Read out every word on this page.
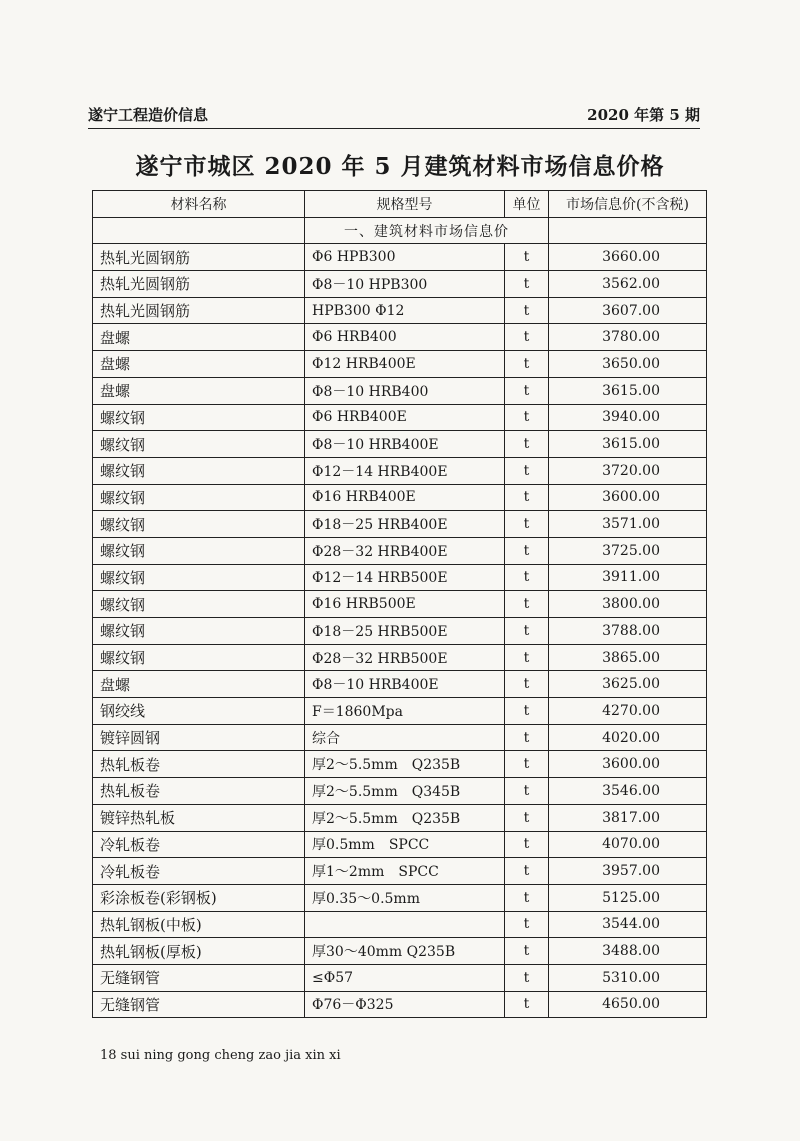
遂宁工程造价信息	2020 年第 5 期
遂宁市城区 2020 年 5 月建筑材料市场信息价格
材料名称	规格型号	单位	市场信息价(不含税)
	一、建筑材料市场信息价		
热轧光圆钢筋	Φ6 HPB300	t	3660.00
热轧光圆钢筋	Φ8－10 HPB300	t	3562.00
热轧光圆钢筋	HPB300 Φ12	t	3607.00
盘螺	Φ6 HRB400	t	3780.00
盘螺	Φ12 HRB400E	t	3650.00
盘螺	Φ8－10 HRB400	t	3615.00
螺纹钢	Φ6 HRB400E	t	3940.00
螺纹钢	Φ8－10 HRB400E	t	3615.00
螺纹钢	Φ12－14 HRB400E	t	3720.00
螺纹钢	Φ16 HRB400E	t	3600.00
螺纹钢	Φ18－25 HRB400E	t	3571.00
螺纹钢	Φ28－32 HRB400E	t	3725.00
螺纹钢	Φ12－14 HRB500E	t	3911.00
螺纹钢	Φ16 HRB500E	t	3800.00
螺纹钢	Φ18－25 HRB500E	t	3788.00
螺纹钢	Φ28－32 HRB500E	t	3865.00
盘螺	Φ8－10 HRB400E	t	3625.00
钢绞线	F＝1860Mpa	t	4270.00
镀锌圆钢	综合	t	4020.00
热轧板卷	厚2～5.5mm　Q235B	t	3600.00
热轧板卷	厚2～5.5mm　Q345B	t	3546.00
镀锌热轧板	厚2～5.5mm　Q235B	t	3817.00
冷轧板卷	厚0.5mm　SPCC	t	4070.00
冷轧板卷	厚1～2mm　SPCC	t	3957.00
彩涂板卷(彩钢板)	厚0.35～0.5mm	t	5125.00
热轧钢板(中板)		t	3544.00
热轧钢板(厚板)	厚30～40mm Q235B	t	3488.00
无缝钢管	≤Φ57	t	5310.00
无缝钢管	Φ76－Φ325	t	4650.00
18 sui ning gong cheng zao jia xin xi
